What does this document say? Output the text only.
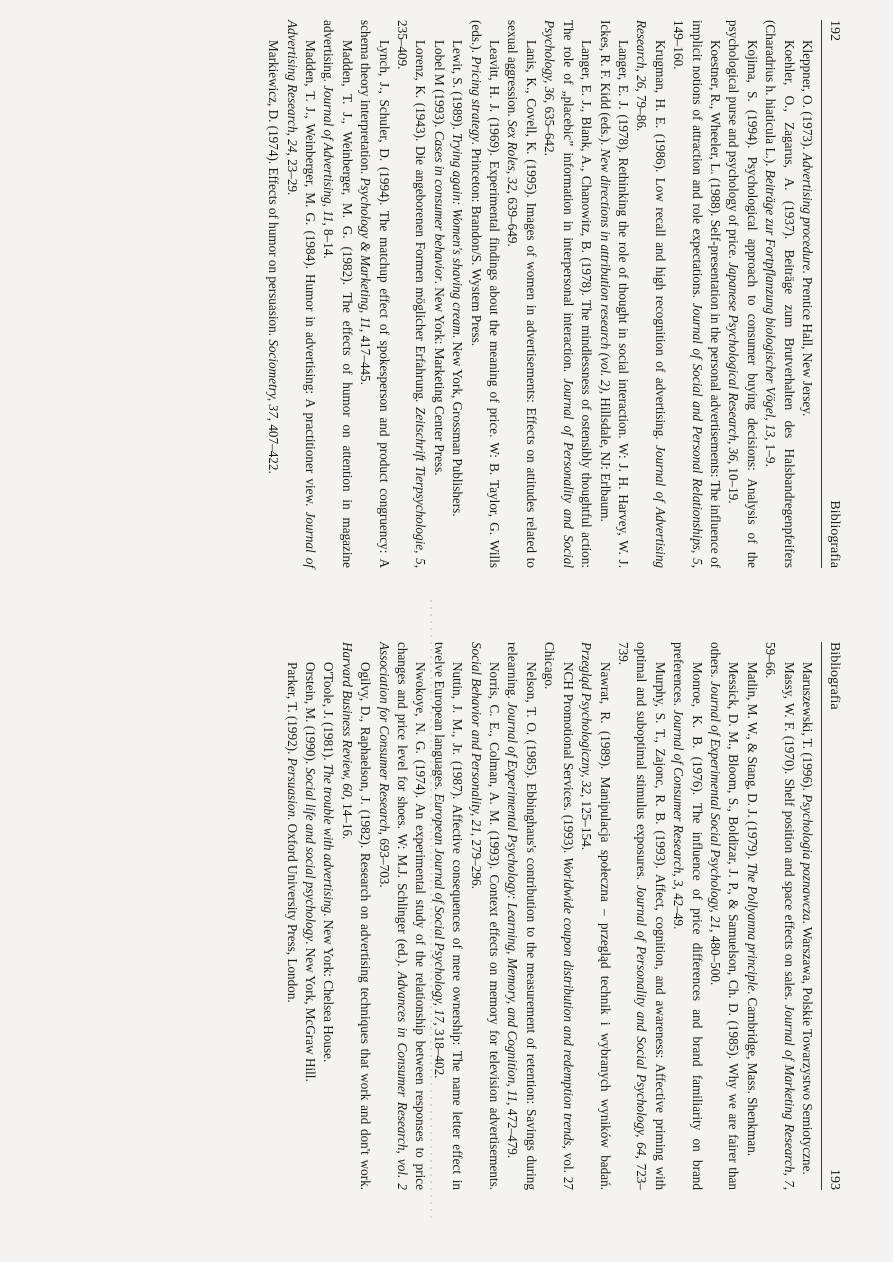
192
Bibliografia

Kleppner, O. (1973). Advertising procedure. Prentice Hall, New Jersey.

Koehler, O., Zagarus, A. (1937). Beiträge zum Brutverhalten des Halsbandregenpfeifers (Charadrius h. hiaticula L.). Beiträge zur Fortpflanzung biologischer Vögel, 13, 1–9.

Kojima, S. (1994). Psychological approach to consumer buying decisions: Analysis of the psychological purse and psychology of price. Japanese Psychological Research, 36, 10–19.

Koestner, R., Wheeler, L. (1988). Self-presentation in the personal advertisements: The influence of implicit notions of attraction and role expectations. Journal of Social and Personal Relationships, 5, 149–160.

Krugman, H. E. (1986). Low recall and high recognition of advertising. Journal of Advertising Research, 26, 79–86.

Langer, E. J. (1978). Rethinking the role of thought in social interaction. W: J. H. Harvey, W. J. Ickes, R. F. Kidd (eds.). New directions in attribution research (vol. 2), Hillsdale, NJ: Erlbaum.

Langer, E. J., Blank, A., Chanowitz, B. (1978). The mindlessness of ostensibly thoughtful action: The role of „placebic” information in interpersonal interaction. Journal of Personality and Social Psychology, 36, 635–642.

Lanis, K., Covell, K. (1995). Images of women in advertisements: Effects on attitudes related to sexual aggression. Sex Roles, 32, 639–649.

Leavitt, H. J. (1969). Experimental findings about the meaning of price. W: B. Taylor, G. Wills (eds.). Pricing strategy. Princeton: Brandon/S. Wystem Press.

Lewit, S. (1989). Trying again: Women's shaving cream. New York, Grossman Publishers.

Lobel M (1993). Cases in consumer behavior. New York: Marketing Center Press.

Lorenz, K. (1943). Die angeborenen Formen möglicher Erfahrung. Zeitschrift Tierpsychologie, 5, 235–409.

Lynch, J., Schuler, D. (1994). The matchup effect of spokesperson and product congruency: A schema theory interpretation. Psychology & Marketing, 11, 417–445.

Madden, T. J., Weinberger, M. G. (1982). The effects of humor on attention in magazine advertising. Journal of Advertising, 11, 8–14.

Madden, T. J., Weinberger, M. G. (1984). Humor in advertising: A practitioner view. Journal of Advertising Research, 24, 23–29.

Markiewicz, D. (1974). Effects of humor on persuasion. Sociometry, 37, 407–422.

Bibliografia
193

Maruszewski, T. (1996). Psychologia poznawcza. Warszawa, Polskie Towarzystwo Semiotyczne.

Massy, W. F. (1970). Shelf position and space effects on sales. Journal of Marketing Research, 7, 59–66.

Matlin, M. W., & Stang, D. J. (1979). The Pollyanna principle. Cambridge, Mass. Shenkman.

Messick, D. M., Bloom, S., Boldizar, J. P., & Samuelson, Ch. D. (1985). Why we are fairer than others. Journal of Experimental Social Psychology, 21, 480–500.

Monroe, K. B. (1976). The influence of price differences and brand familiarity on brand preferences. Journal of Consumer Research, 3, 42–49.

Murphy, S. T., Zajonc, R. B. (1993). Affect, cognition, and awareness: Affective priming with optimal and suboptimal stimulus exposures. Journal of Personality and Social Psychology, 64, 723–739.

Nawrat, R. (1989). Manipulacja społeczna – przegląd technik i wybranych wyników badań. Przegląd Psychologiczny, 32, 125–154.

NCH Promotional Services. (1993). Worldwide coupon distribution and redemption trends, vol. 27 Chicago.

Nelson, T. O. (1985). Ebbinghaus's contribution to the measurement of retention: Savings during relearning. Journal of Experimental Psychology: Learning, Memory, and Cognition, 11, 472–479.

Norris, C. E., Colman, A. M. (1993). Context effects on memory for television advertisements. Social Behavior and Personality, 21, 279–296.

Nuttin, J. M., Jr. (1987). Affective consequences of mere ownership: The name letter effect in twelve European languages. European Journal of Social Psychology, 17, 318–402.

Nwokoye, N. G. (1974). An experimental study of the relationship between responses to price changes and price level for shoes. W: M.J. Schlinger (ed.). Advances in Consumer Research, vol. 2 Association for Consumer Research, 693–703.

Ogilvy, D., Raphaelson, J. (1982). Research on advertising techniques that work and don't work. Harvard Business Review, 60, 14–16.

O'Toole, J. (1981). The trouble with advertising. New York: Chelsea House.

Orstein, M. (1990). Social life and social psychology. New York, McGraw Hill.

Parker, T. (1992). Persuasion. Oxford University Press, London.
